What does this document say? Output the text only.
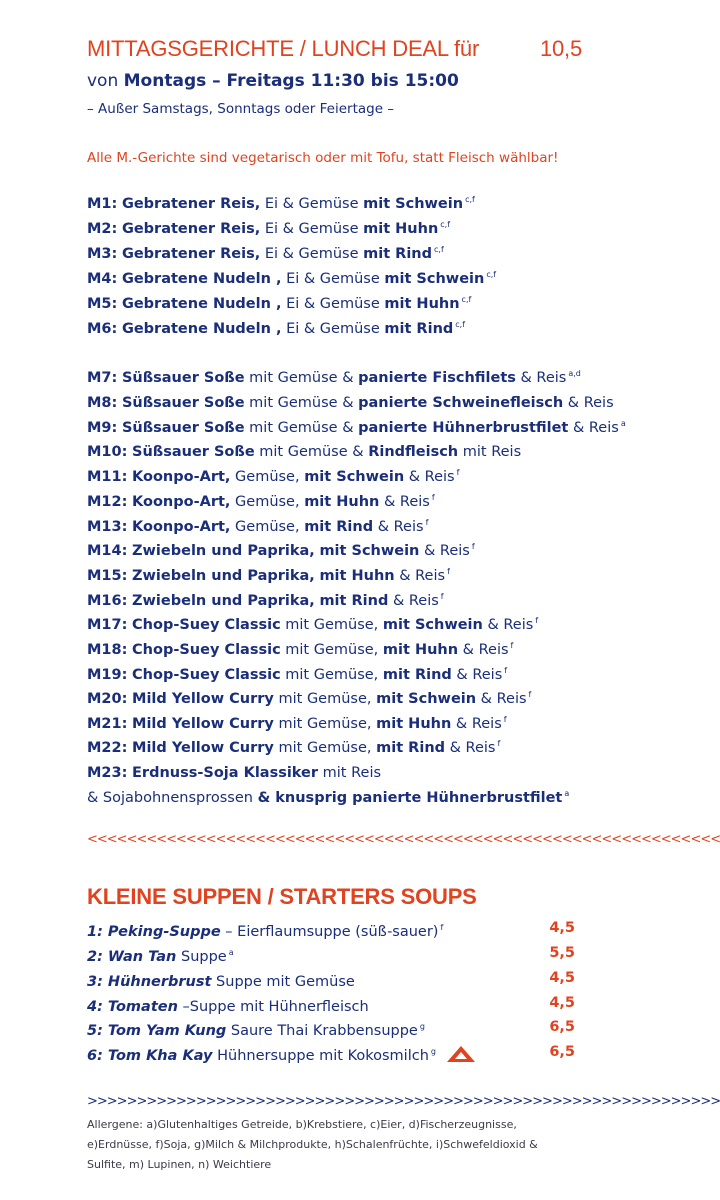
MITTAGSGERICHTE / LUNCH DEAL für	10,5
von Montags – Freitags 11:30 bis 15:00
– Außer Samstags, Sonntags oder Feiertage –
Alle M.-Gerichte sind vegetarisch oder mit Tofu, statt Fleisch wählbar!
M1: Gebratener Reis, Ei & Gemüse mit Schwein $^{c,f}$
M2: Gebratener Reis, Ei & Gemüse mit Huhn $^{c,f}$
M3: Gebratener Reis, Ei & Gemüse mit Rind $^{c,f}$
M4: Gebratene Nudeln , Ei & Gemüse mit Schwein $^{c,f}$
M5: Gebratene Nudeln , Ei & Gemüse mit Huhn $^{c,f}$
M6: Gebratene Nudeln , Ei & Gemüse mit Rind $^{c,f}$
M7: Süßsauer Soße mit Gemüse & panierte Fischfilets & Reis $^{a,d}$
M8: Süßsauer Soße mit Gemüse & panierte Schweinefleisch & Reis
M9: Süßsauer Soße mit Gemüse & panierte Hühnerbrustfilet & Reis $^a$
M10: Süßsauer Soße mit Gemüse & Rindfleisch mit Reis
M11: Koonpo-Art, Gemüse, mit Schwein & Reis $^f$
M12: Koonpo-Art, Gemüse, mit Huhn & Reis $^f$
M13: Koonpo-Art, Gemüse, mit Rind & Reis $^f$
M14: Zwiebeln und Paprika, mit Schwein & Reis $^f$
M15: Zwiebeln und Paprika, mit Huhn & Reis $^f$
M16: Zwiebeln und Paprika, mit Rind & Reis $^f$
M17: Chop-Suey Classic mit Gemüse, mit Schwein & Reis $^f$
M18: Chop-Suey Classic mit Gemüse, mit Huhn & Reis $^f$
M19: Chop-Suey Classic mit Gemüse, mit Rind & Reis $^f$
M20: Mild Yellow Curry mit Gemüse, mit Schwein & Reis $^f$
M21: Mild Yellow Curry mit Gemüse, mit Huhn & Reis $^f$
M22: Mild Yellow Curry mit Gemüse, mit Rind & Reis $^f$
M23: Erdnuss-Soja Klassiker mit Reis
& Sojabohnensprossen & knusprig panierte Hühnerbrustfilet $^a$
<<<<<<<<<<<<<<<<<<<<<<<<<<<<<<<<<<<<<<<<<<<<<<<<<<<<<<<<<<<<<<<<
KLEINE SUPPEN / STARTERS SOUPS
1: Peking-Suppe – Eierflaumsuppe (süß-sauer) $^f$	4,5
2: Wan Tan Suppe $^a$	5,5
3: Hühnerbrust Suppe mit Gemüse	4,5
4: Tomaten –Suppe mit Hühnerfleisch	4,5
5: Tom Yam Kung Saure Thai Krabbensuppe $^g$	6,5
6: Tom Kha Kay Hühnersuppe mit Kokosmilch $^g$	6,5
>>>>>>>>>>>>>>>>>>>>>>>>>>>>>>>>>>>>>>>>>>>>>>>>>>>>>>>>>>>>>>>>
Allergene: a)Glutenhaltiges Getreide, b)Krebstiere, c)Eier, d)Fischerzeugnisse, e)Erdnüsse, f)Soja, g)Milch & Milchprodukte, h)Schalenfrüchte, i)Schwefeldioxid & Sulfite, m) Lupinen, n) Weichtiere
